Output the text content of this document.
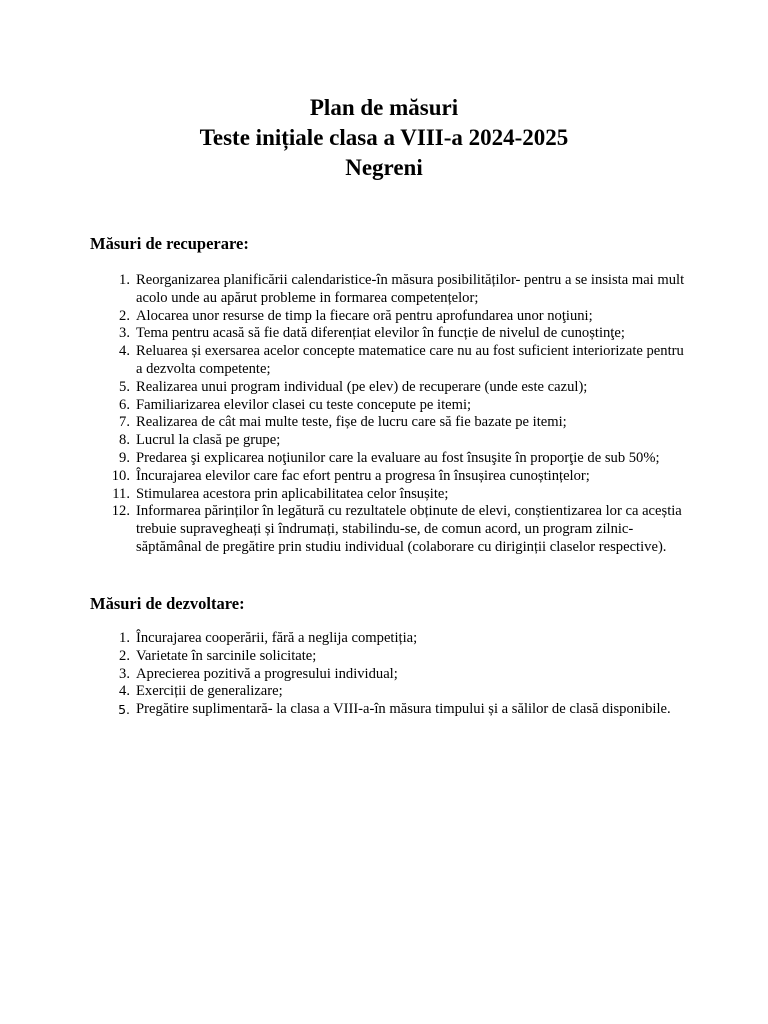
Plan de măsuri
Teste inițiale clasa a VIII-a 2024-2025
Negreni
Măsuri de recuperare:
1. Reorganizarea planificării calendaristice-în măsura posibilităților- pentru a se insista mai mult acolo unde au apărut probleme in formarea competențelor;
2. Alocarea unor resurse de timp la fiecare oră pentru aprofundarea unor noţiuni;
3. Tema pentru acasă să fie dată diferențiat elevilor în funcție de nivelul de cunoștinţe;
4. Reluarea și exersarea acelor concepte matematice care nu au fost suficient interiorizate pentru a dezvolta competente;
5. Realizarea unui program individual (pe elev) de recuperare (unde este cazul);
6. Familiarizarea elevilor clasei cu teste concepute pe itemi;
7. Realizarea de cât mai multe teste, fișe de lucru care să fie bazate pe itemi;
8. Lucrul la clasă pe grupe;
9. Predarea şi explicarea noţiunilor care la evaluare au fost însuşite în proporţie de sub 50%;
10. Încurajarea elevilor care fac efort pentru a progresa în însușirea cunoștințelor;
11. Stimularea acestora prin aplicabilitatea celor însușite;
12. Informarea părinților în legătură cu rezultatele obținute de elevi, conștientizarea lor ca aceștia trebuie supravegheați și îndrumați, stabilindu-se, de comun acord, un program zilnic-săptămânal de pregătire prin studiu individual (colaborare cu diriginții claselor respective).
Măsuri de dezvoltare:
1. Încurajarea cooperării, fără a neglija competiția;
2. Varietate în sarcinile solicitate;
3. Aprecierea pozitivă a progresului individual;
4. Exerciții de generalizare;
5. Pregătire suplimentară- la clasa a VIII-a-în măsura timpului și a sălilor de clasă disponibile.
